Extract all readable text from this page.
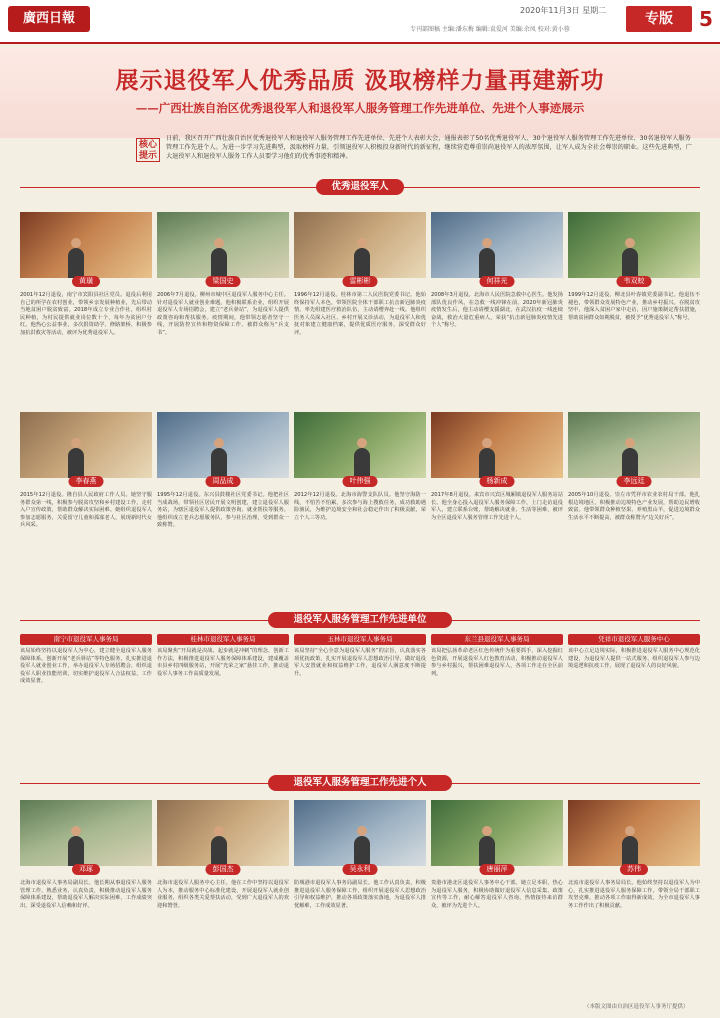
廣西日報
2020年11月3日 星期二
专刊部图稿 主编:潘东梅 编辑:袁爱河 美编:余凤 校对:黄小蓉
专版	5
展示退役军人优秀品质 汲取榜样力量再建新功
——广西壮族自治区优秀退役军人和退役军人服务管理工作先进单位、先进个人事迹展示
核心提示
日前，我区召开广西壮族自治区优秀退役军人和退役军人服务管理工作先进单位、先进个人表彰大会，通报表彰了50名优秀退役军人、30个退役军人服务管理工作先进单位、30名退役军人服务管理工作先进个人。为进一步学习先进典型，汲取榜样力量，引领退役军人积极投身新时代的新征程，继续营造尊重崇尚退役军人的浓厚氛围，让军人成为全社会尊崇的职业。这些先进典型，广大退役军人和退役军人服务工作人员要学习他们的优秀事迹和精神。
优秀退役军人
黄璜
2001年12月退役，南宁市宾阳县社区党员。退役后利用自己的所学在农村创业，带领乡亲发展种植业，先后带动当地贫困户脱贫致富。2018年成立专业合作社，组织村民种植，为村民提供就业岗位数十个，每年为贫困户分红。他热心公益事业，多次捐资助学、修路架桥，积极参加抗洪救灾等活动，被评为优秀退役军人。
梁国史
2006年7月退役。柳州市城中区退役军人服务中心主任。针对退役军人就业创业难题，他积极联系企业，组织开展退役军人专场招聘会，建立“老兵驿站”，为退役军人提供政策咨询和帮扶服务。疫情期间，他带领志愿者坚守一线，开展防控宣传和物资保障工作，被群众称为“兵支书”。
雷彬彬
1996年12月退役。桂林市第二人民医院党委书记。他始终保持军人本色，带领医院全体干部职工抗击新冠肺炎疫情，率先组建医疗救治队伍，主动请缨奔赴一线。他组织医务人员深入社区、乡村开展义诊活动，为退役军人和优抚对象建立健康档案，提供优质医疗服务，深受群众好评。
何祥光
2008年3月退役。北海市人民医院急救中心医生。他发扬部队优良作风，在急救一线冲锋在前。2020年新冠肺炎疫情发生后，他主动请缨支援湖北，在武汉抗疫一线连续奋战，救治大量危重病人，荣获“抗击新冠肺炎疫情先进个人”称号。
韦双蛟
1999年12月退役。柳北县叶春镇党委副书记。他退伍不褪色，带领群众发展特色产业，推动乡村振兴。在脱贫攻坚中，他深入贫困户家中走访，因户施策制定帮扶措施，帮助贫困群众如期脱贫，被授予“优秀退役军人”称号。
李春燕
2015年12月退役。隆自县人民政府工作人员。她坚守服务群众第一线，积极参与脱贫攻坚和乡村建设工作，走村入户宣传政策，帮助群众解决实际困难。她组织退役军人参加志愿服务，关爱留守儿童和孤寡老人，展现新时代女兵风采。
周品成
1995年12月退役。东兴县鼓楼社区党委书记。他把社区当成战场，带领社区居民开展文明创建，建立退役军人服务站，为辖区退役军人提供政策咨询、就业帮扶等服务。他组织成立老兵志愿服务队，参与社区治理，受到群众一致称赞。
叶伟强
2012年12月退役。北海市海警支队队员。他坚守海防一线，不怕苦不怕累，多次参与海上搜救任务，成功救助遇险渔民，为维护边境安全和社会稳定作出了积极贡献，荣立个人三等功。
杨新成
2017年8月退役。来宾市兴宾区城厢镇退役军人服务站站长。他全身心投入退役军人服务保障工作，上门走访退役军人，建立联系台账，帮助解决就业、生活等困难，被评为全区退役军人服务管理工作先进个人。
李远廷
2005年10月退役。崇左市凭祥市农业农村局干部。他扎根边境地区，积极推动边境特色产业发展，帮助边民增收致富。他带领群众种植坚果、养殖黑山羊，促进边境群众生活水平不断提高，被群众称赞为“边关好兵”。
退役军人服务管理工作先进单位
南宁市退役军人事务局
该局始终坚持以退役军人为中心，建立健全退役军人服务保障体系，创新开展“老兵驿站”等特色服务，扎实推进退役军人就业创业工作，举办退役军人专场招聘会，组织退役军人职业技能培训，切实维护退役军人合法权益，工作成效显著。
桂林市退役军人事务局
该局聚焦“开局就是决战、起步就是冲刺”的理念，创新工作方法，积极推进退役军人服务保障体系建设，建成覆盖市县乡村四级服务站，开展“光荣之家”悬挂工作，推动退役军人事务工作高质量发展。
玉林市退役军人事务局
该局坚持“全心全意为退役军人服务”的宗旨，认真落实各项优抚政策，扎实开展退役军人思想政治引导，做好退役军人安置就业和权益维护工作，退役军人满意度不断提升。
东兰县退役军人事务局
该局把弘扬革命老区红色传统作为重要抓手，深入挖掘红色资源，开展退役军人红色教育活动，积极推动退役军人参与乡村振兴，帮扶困难退役军人，各项工作走在全区前列。
凭祥市退役军人服务中心
该中心立足边境实际，积极推进退役军人服务中心规范化建设，为退役军人提供一站式服务，组织退役军人参与边境巡逻和抗疫工作，展现了退役军人的良好风貌。
退役军人服务管理工作先进个人
邓琢
北海市退役军人事务局副局长。他长期从事退役军人服务管理工作，熟悉业务，认真负责，积极推动退役军人服务保障体系建设，帮助退役军人解决实际困难，工作成绩突出，深受退役军人信赖和好评。
彭国杰
北海市退役军人服务中心主任。他在工作中坚持以退役军人为本，推动服务中心标准化建设，开展退役军人就业创业服务，组织各类关爱帮扶活动，受到广大退役军人的欢迎和赞誉。
吴永利
防城港市退役军人事务局副局长。他工作认真负责，积极推进退役军人服务保障工作，组织开展退役军人思想政治引导和权益维护，推动各项政策落实落地，为退役军人排忧解难，工作成效显著。
唐丽萍
贵港市港北区退役军人事务中心干部。她立足本职，热心为退役军人服务，积极协助做好退役军人信息采集、政策宣传等工作，耐心解答退役军人咨询，热情接待来访群众，被评为先进个人。
苏伟
北流市退役军人事务局局长。他始终坚持以退役军人为中心，扎实推进退役军人服务保障工作，带领全局干部职工攻坚克难，推动各项工作取得新成效，为全市退役军人事务工作作出了积极贡献。
（本版文图由自治区退役军人事务厅提供）
